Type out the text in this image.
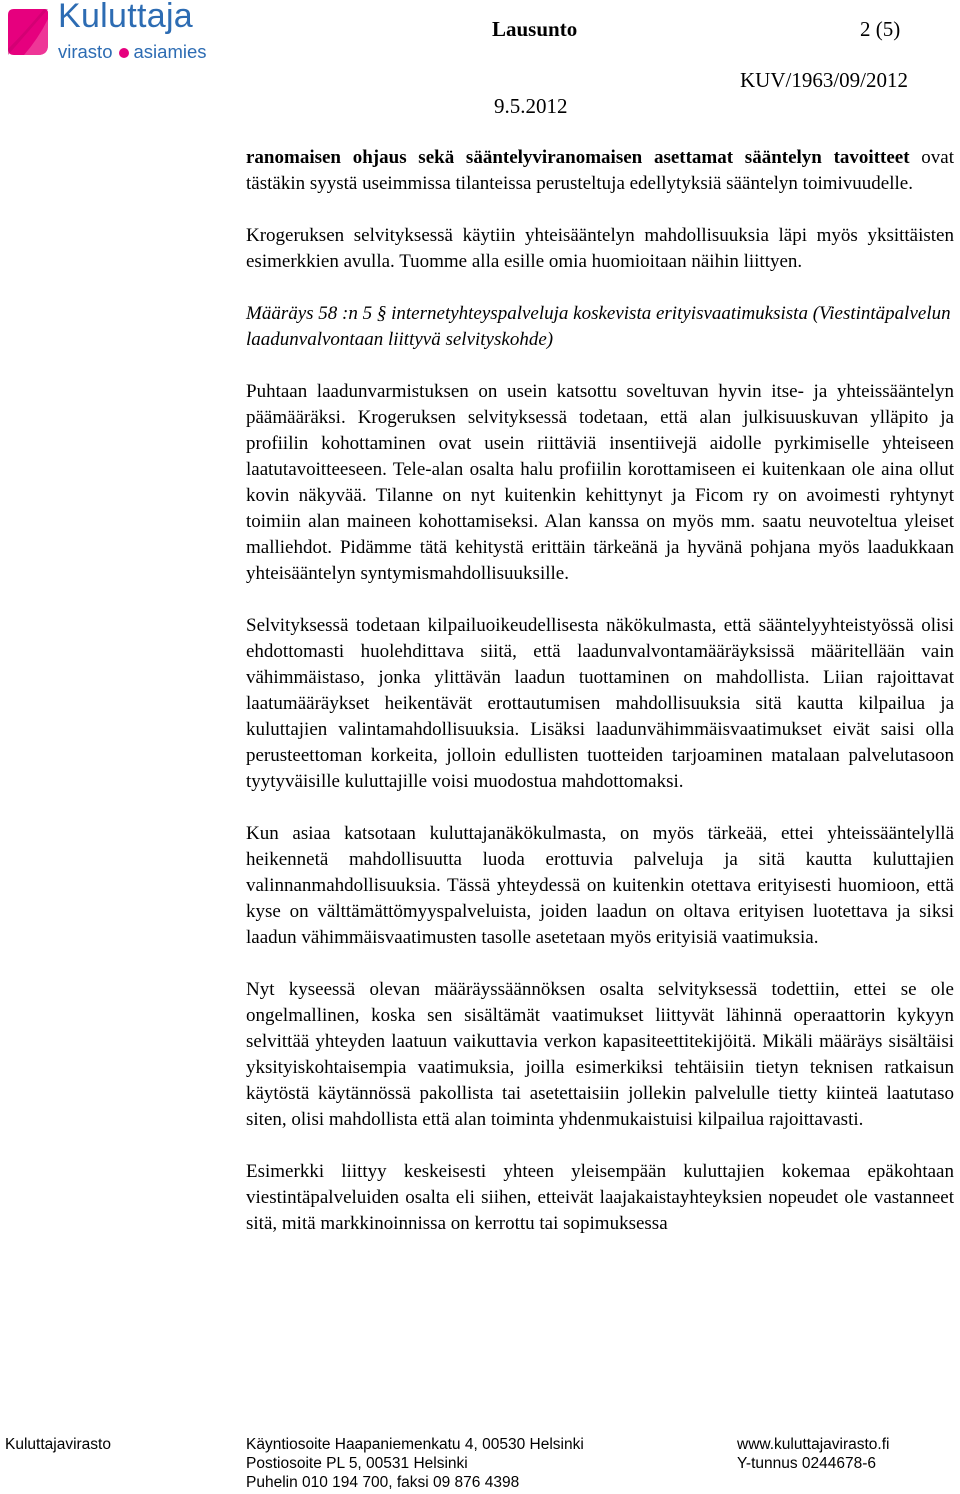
Kuluttaja
virasto asiamies
Lausunto	2 (5)
KUV/1963/09/2012
9.5.2012

ranomaisen ohjaus sekä sääntelyviranomaisen asettamat sääntelyn tavoitteet ovat tästäkin syystä useimmissa tilanteissa perusteltuja edellytyksiä sääntelyn toimivuudelle.

Krogeruksen selvityksessä käytiin yhteisääntelyn mahdollisuuksia läpi myös yksittäisten esimerkkien avulla. Tuomme alla esille omia huomioitaan näihin liittyen.

Määräys 58 :n 5 § internetyhteyspalveluja koskevista erityisvaatimuksista (Viestintäpalvelun laadunvalvontaan liittyvä selvityskohde)

Puhtaan laadunvarmistuksen on usein katsottu soveltuvan hyvin itse- ja yhteissääntelyn päämääräksi. Krogeruksen selvityksessä todetaan, että alan julkisuuskuvan ylläpito ja profiilin kohottaminen ovat usein riittäviä insentiivejä aidolle pyrkimiselle yhteiseen laatutavoitteeseen. Tele-alan osalta halu profiilin korottamiseen ei kuitenkaan ole aina ollut kovin näkyvää. Tilanne on nyt kuitenkin kehittynyt ja Ficom ry on avoimesti ryhtynyt toimiin alan maineen kohottamiseksi. Alan kanssa on myös mm. saatu neuvoteltua yleiset malliehdot. Pidämme tätä kehitystä erittäin tärkeänä ja hyvänä pohjana myös laadukkaan yhteisääntelyn syntymismahdollisuuksille.

Selvityksessä todetaan kilpailuoikeudellisesta näkökulmasta, että sääntelyyhteistyössä olisi ehdottomasti huolehdittava siitä, että laadunvalvontamääräyksissä määritellään vain vähimmäistaso, jonka ylittävän laadun tuottaminen on mahdollista. Liian rajoittavat laatumääräykset heikentävät erottautumisen mahdollisuuksia sitä kautta kilpailua ja kuluttajien valintamahdollisuuksia. Lisäksi laadunvähimmäisvaatimukset eivät saisi olla perusteettoman korkeita, jolloin edullisten tuotteiden tarjoaminen matalaan palvelutasoon tyytyväisille kuluttajille voisi muodostua mahdottomaksi.

Kun asiaa katsotaan kuluttajanäkökulmasta, on myös tärkeää, ettei yhteissääntelyllä heikennetä mahdollisuutta luoda erottuvia palveluja ja sitä kautta kuluttajien valinnanmahdollisuuksia. Tässä yhteydessä on kuitenkin otettava erityisesti huomioon, että kyse on välttämättömyyspalveluista, joiden laadun on oltava erityisen luotettava ja siksi laadun vähimmäisvaatimusten tasolle asetetaan myös erityisiä vaatimuksia.

Nyt kyseessä olevan määräyssäännöksen osalta selvityksessä todettiin, ettei se ole ongelmallinen, koska sen sisältämät vaatimukset liittyvät lähinnä operaattorin kykyyn selvittää yhteyden laatuun vaikuttavia verkon kapasiteettitekijöitä. Mikäli määräys sisältäisi yksityiskohtaisempia vaatimuksia, joilla esimerkiksi tehtäisiin tietyn teknisen ratkaisun käytöstä käytännössä pakollista tai asetettaisiin jollekin palvelulle tietty kiinteä laatutaso siten, olisi mahdollista että alan toiminta yhdenmukaistuisi kilpailua rajoittavasti.

Esimerkki liittyy keskeisesti yhteen yleisempään kuluttajien kokemaa epäkohtaan viestintäpalveluiden osalta eli siihen, etteivät laajakaistayhteyksien nopeudet ole vastanneet sitä, mitä markkinoinnissa on kerrottu tai sopimuksessa

Kuluttajavirasto	Käyntiosoite Haapaniemenkatu 4, 00530 Helsinki
Postiosoite PL 5, 00531 Helsinki
Puhelin 010 194 700, faksi 09 876 4398
www.kuluttajavirasto.fi
Y-tunnus 0244678-6
